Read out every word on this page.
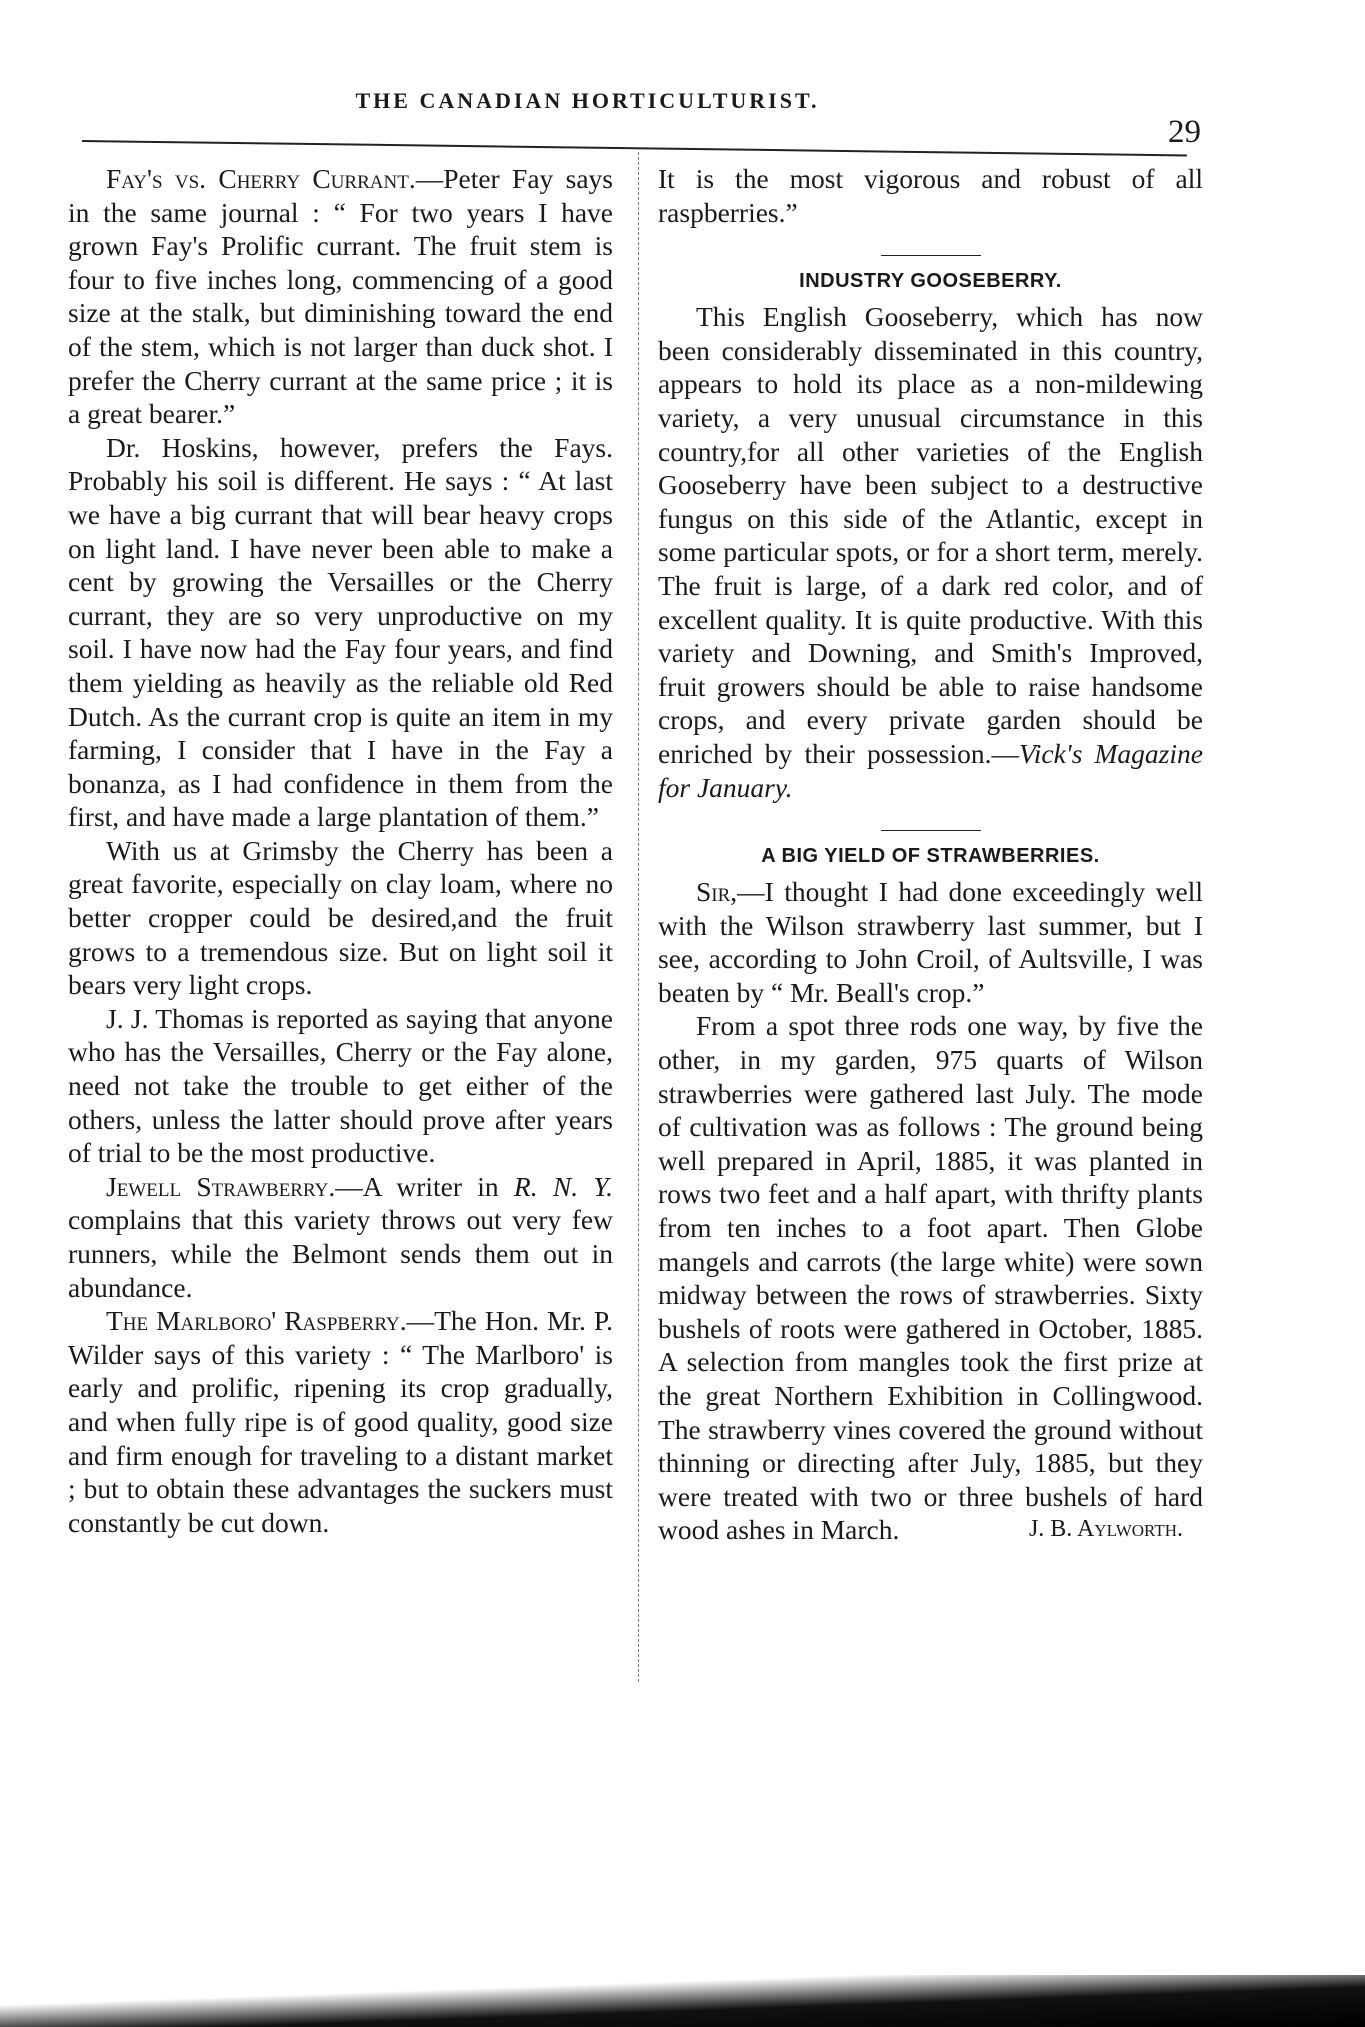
THE CANADIAN HORTICULTURIST.
29

Fay's vs. Cherry Currant.—Peter Fay says in the same journal : “ For two years I have grown Fay's Prolific currant. The fruit stem is four to five inches long, commencing of a good size at the stalk, but diminishing toward the end of the stem, which is not larger than duck shot. I prefer the Cherry currant at the same price ; it is a great bearer.”

Dr. Hoskins, however, prefers the Fays. Probably his soil is different. He says : “ At last we have a big currant that will bear heavy crops on light land. I have never been able to make a cent by growing the Versailles or the Cherry currant, they are so very unproductive on my soil. I have now had the Fay four years, and find them yielding as heavily as the reliable old Red Dutch. As the currant crop is quite an item in my farming, I consider that I have in the Fay a bonanza, as I had confidence in them from the first, and have made a large plantation of them.”

With us at Grimsby the Cherry has been a great favorite, especially on clay loam, where no better cropper could be desired,and the fruit grows to a tremendous size. But on light soil it bears very light crops.

J. J. Thomas is reported as saying that anyone who has the Versailles, Cherry or the Fay alone, need not take the trouble to get either of the others, unless the latter should prove after years of trial to be the most productive.

Jewell Strawberry.—A writer in R. N. Y. complains that this variety throws out very few runners, while the Belmont sends them out in abundance.

The Marlboro' Raspberry.—The Hon. Mr. P. Wilder says of this variety : “ The Marlboro' is early and prolific, ripening its crop gradually, and when fully ripe is of good quality, good size and firm enough for traveling to a distant market ; but to obtain these advantages the suckers must constantly be cut down.

It is the most vigorous and robust of all raspberries.”

INDUSTRY GOOSEBERRY.

This English Gooseberry, which has now been considerably disseminated in this country, appears to hold its place as a non-mildewing variety, a very unusual circumstance in this country,for all other varieties of the English Gooseberry have been subject to a destructive fungus on this side of the Atlantic, except in some particular spots, or for a short term, merely. The fruit is large, of a dark red color, and of excellent quality. It is quite productive. With this variety and Downing, and Smith's Improved, fruit growers should be able to raise handsome crops, and every private garden should be enriched by their possession.—Vick's Magazine for January.

A BIG YIELD OF STRAWBERRIES.

Sir,—I thought I had done exceedingly well with the Wilson strawberry last summer, but I see, according to John Croil, of Aultsville, I was beaten by “ Mr. Beall's crop.”

From a spot three rods one way, by five the other, in my garden, 975 quarts of Wilson strawberries were gathered last July. The mode of cultivation was as follows : The ground being well prepared in April, 1885, it was planted in rows two feet and a half apart, with thrifty plants from ten inches to a foot apart. Then Globe mangels and carrots (the large white) were sown midway between the rows of strawberries. Sixty bushels of roots were gathered in October, 1885. A selection from mangles took the first prize at the great Northern Exhibition in Collingwood. The strawberry vines covered the ground without thinning or directing after July, 1885, but they were treated with two or three bushels of hard wood ashes in March.	J. B. Aylworth.
